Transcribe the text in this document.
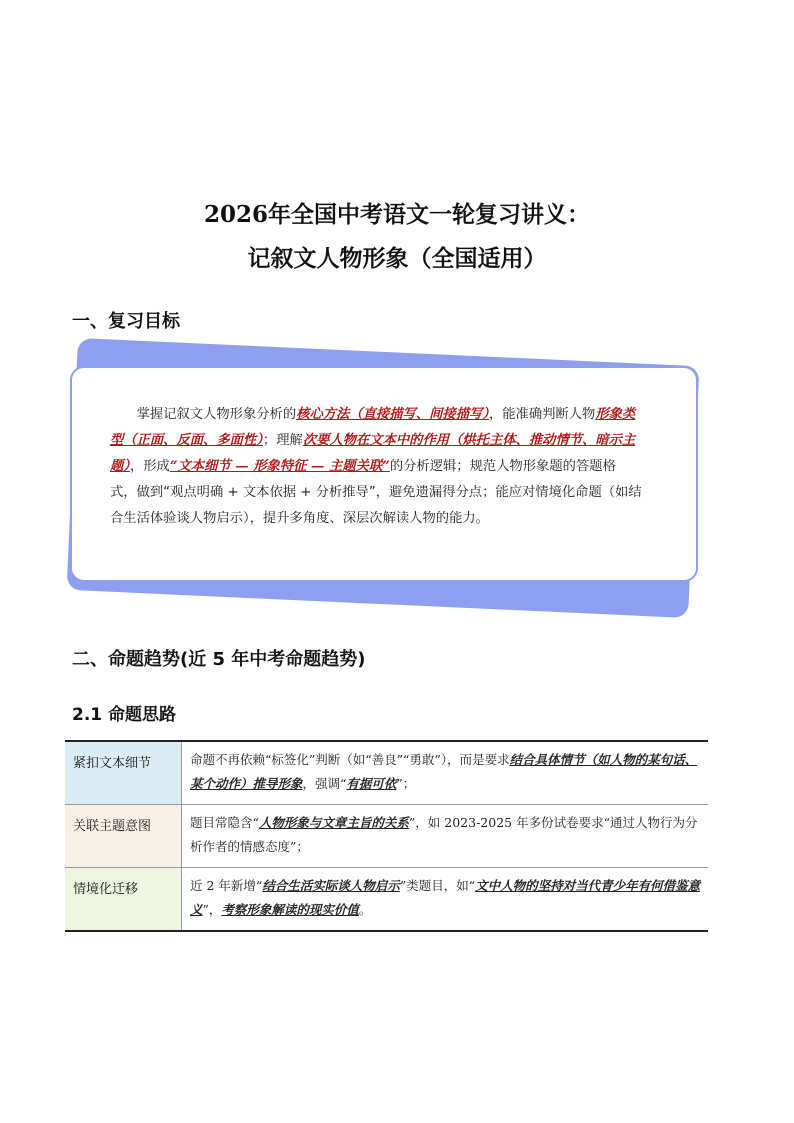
2026年全国中考语文一轮复习讲义：
记叙文人物形象（全国适用）
一、复习目标
掌握记叙文人物形象分析的核心方法（直接描写、间接描写），能准确判断人物形象类型（正面、反面、多面性）；理解次要人物在文本中的作用（烘托主体、推动情节、暗示主题），形成“文本细节 — 形象特征 — 主题关联”的分析逻辑；规范人物形象题的答题格式，做到“观点明确 + 文本依据 + 分析推导”，避免遗漏得分点；能应对情境化命题（如结合生活体验谈人物启示），提升多角度、深层次解读人物的能力。
二、命题趋势(近 5 年中考命题趋势)
2.1 命题思路
紧扣文本细节	命题不再依赖“标签化”判断（如“善良”“勇敢”），而是要求结合具体情节（如人物的某句话、某个动作）推导形象，强调“有据可依”；
关联主题意图	题目常隐含“人物形象与文章主旨的关系”，如 2023-2025 年多份试卷要求“通过人物行为分析作者的情感态度”；
情境化迁移	近 2 年新增“结合生活实际谈人物启示”类题目，如“文中人物的坚持对当代青少年有何借鉴意义”，考察形象解读的现实价值。
